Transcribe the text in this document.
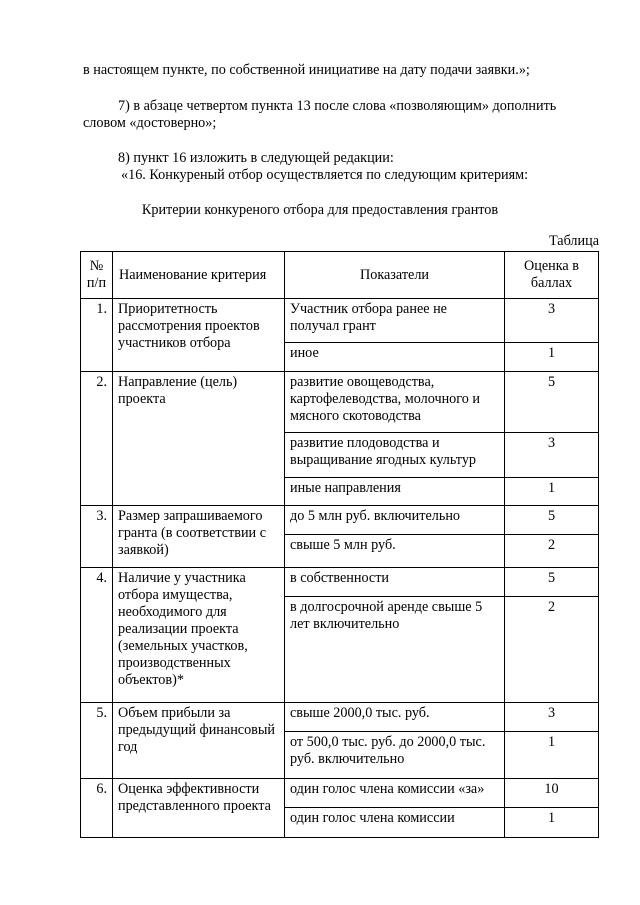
в настоящем пункте, по собственной инициативе на дату подачи заявки.»;
7) в абзаце четвертом пункта 13 после слова «позволяющим» дополнить
словом «достоверно»;
8) пункт 16 изложить в следующей редакции:
«16. Конкуреный отбор осуществляется по следующим критериям:
Критерии конкуреного отбора для предоставления грантов
Таблица
№ п/п	Наименование критерия	Показатели	Оценка в баллах
1.	Приоритетность рассмотрения проектов участников отбора	Участник отбора ранее не получал грант	3
		иное	1
2.	Направление (цель) проекта	развитие овощеводства, картофелеводства, молочного и мясного скотоводства	5
		развитие плодоводства и выращивание ягодных культур	3
		иные направления	1
3.	Размер запрашиваемого гранта (в соответствии с заявкой)	до 5 млн руб. включительно	5
		свыше 5 млн руб.	2
4.	Наличие у участника отбора имущества, необходимого для реализации проекта (земельных участков, производственных объектов)*	в собственности	5
		в долгосрочной аренде свыше 5 лет включительно	2
5.	Объем прибыли за предыдущий финансовый год	свыше 2000,0 тыс. руб.	3
		от 500,0 тыс. руб. до 2000,0 тыс. руб. включительно	1
6.	Оценка эффективности представленного проекта	один голос члена комиссии «за»	10
		один голос члена комиссии	1
